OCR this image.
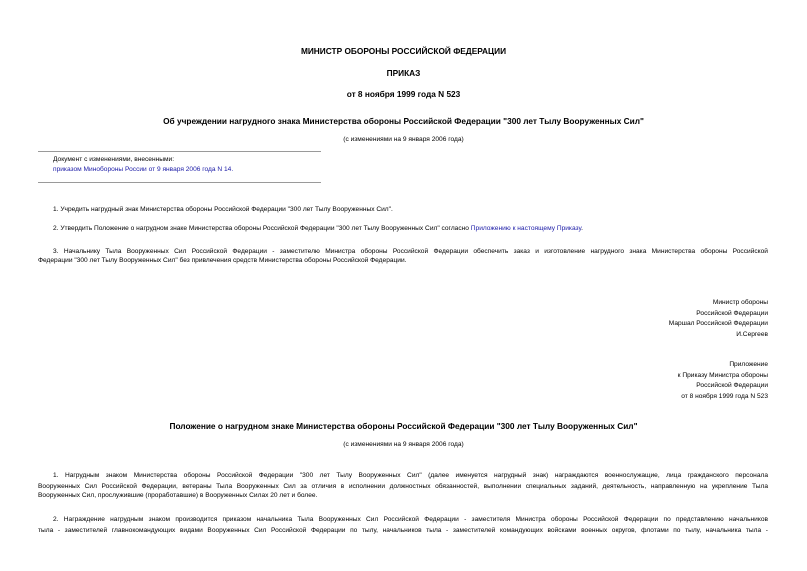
МИНИСТР ОБОРОНЫ РОССИЙСКОЙ ФЕДЕРАЦИИ
ПРИКАЗ
от 8 ноября 1999 года N 523
Об учреждении нагрудного знака Министерства обороны Российской Федерации "300 лет Тылу Вооруженных Сил"
(с изменениями на 9 января 2006 года)
Документ с изменениями, внесенными:
приказом Минобороны России от 9 января 2006 года N 14.
1. Учредить нагрудный знак Министерства обороны Российской Федерации "300 лет Тылу Вооруженных Сил".
2. Утвердить Положение о нагрудном знаке Министерства обороны Российской Федерации "300 лет Тылу Вооруженных Сил" согласно Приложению к настоящему Приказу.
3. Начальнику Тыла Вооруженных Сил Российской Федерации - заместителю Министра обороны Российской Федерации обеспечить заказ и изготовление нагрудного знака Министерства обороны Российской
Федерации "300 лет Тылу Вооруженных Сил" без привлечения средств Министерства обороны Российской Федерации.
Министр обороны
Российской Федерации
Маршал Российской Федерации
И.Сергеев
Приложение
к Приказу Министра обороны
Российской Федерации
от 8 ноября 1999 года N 523
Положение о нагрудном знаке Министерства обороны Российской Федерации "300 лет Тылу Вооруженных Сил"
(с изменениями на 9 января 2006 года)
1. Нагрудным знаком Министерства обороны Российской Федерации "300 лет Тылу Вооруженных Сил" (далее именуется нагрудный знак) награждаются военнослужащие, лица гражданского персонала
Вооруженных Сил Российской Федерации, ветераны Тыла Вооруженных Сил за отличия в исполнении должностных обязанностей, выполнении специальных заданий, деятельность, направленную на укрепление Тыла
Вооруженных Сил, прослужившие (проработавшие) в Вооруженных Силах 20 лет и более.
2. Награждение нагрудным знаком производится приказом начальника Тыла Вооруженных Сил Российской Федерации - заместителя Министра обороны Российской Федерации по представлению начальников
тыла - заместителей главнокомандующих видами Вооруженных Сил Российской Федерации по тылу, начальников тыла - заместителей командующих войсками военных округов, флотами по тылу, начальника тыла -
